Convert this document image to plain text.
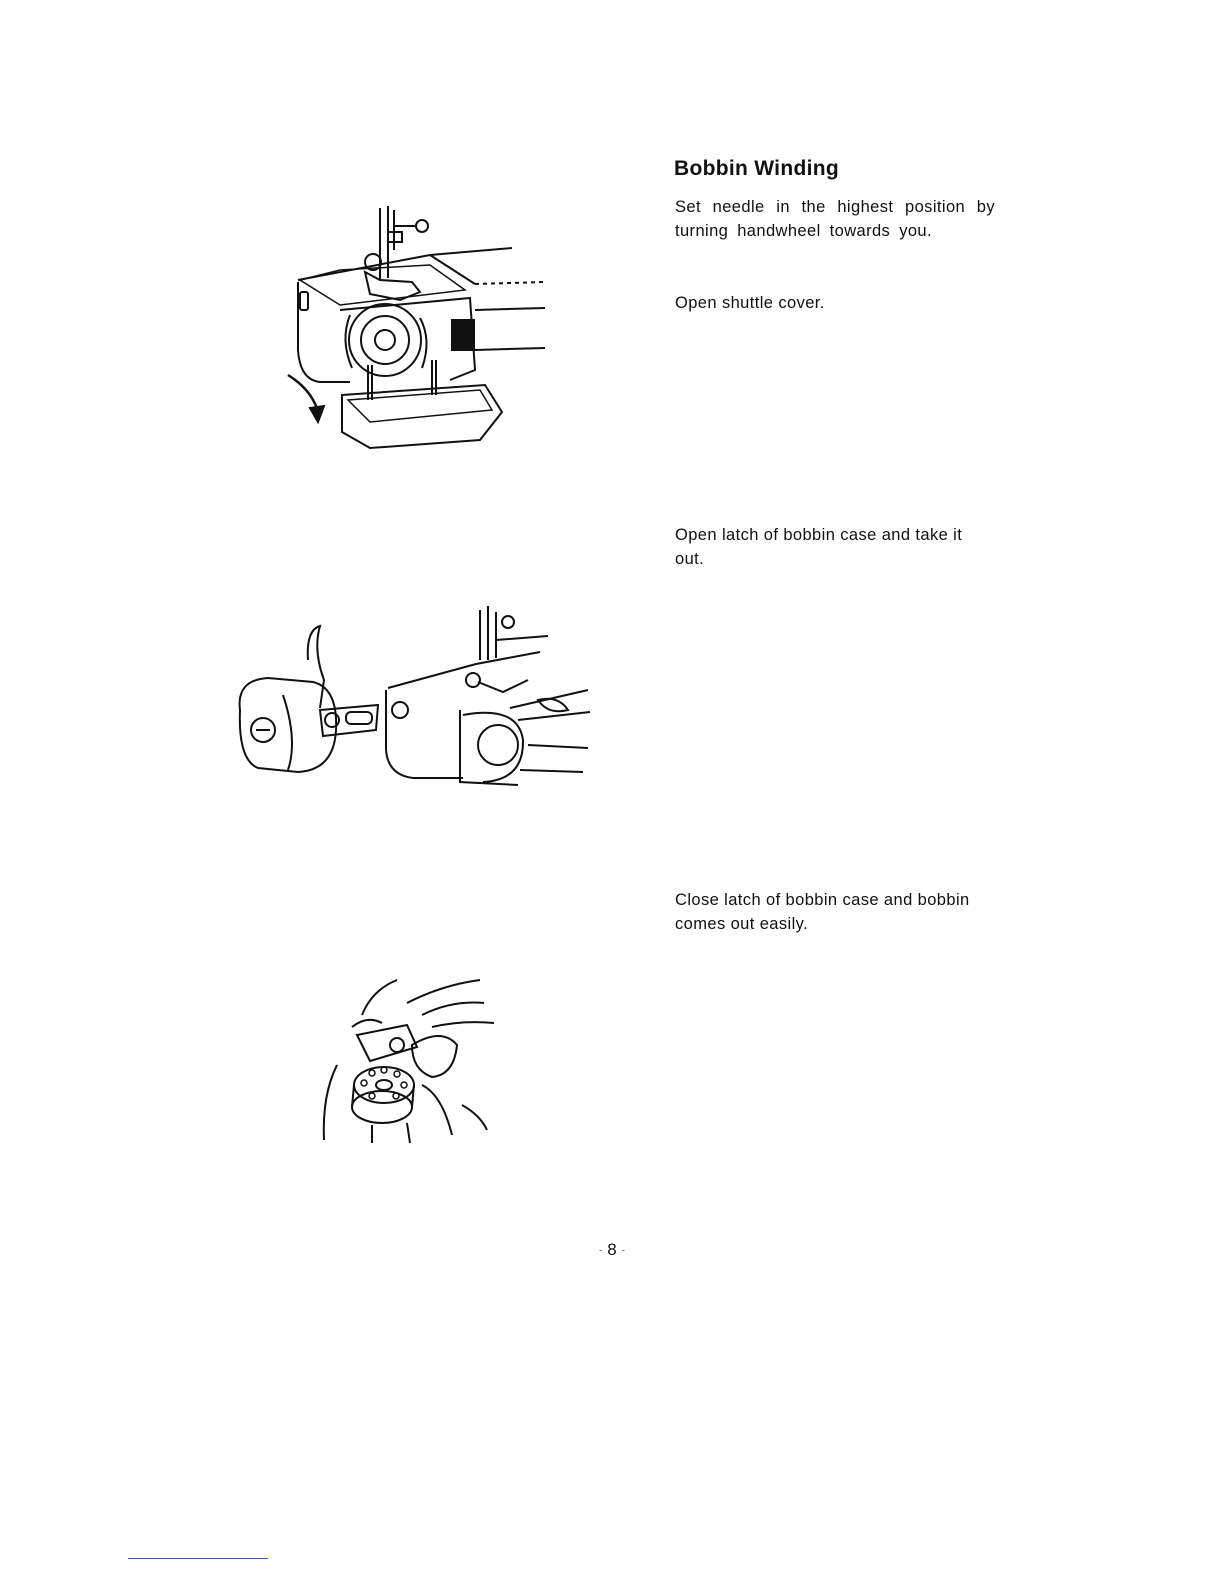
Bobbin Winding

Set needle in the highest position by turning handwheel towards you.

Open shuttle cover.

Open latch of bobbin case and take it out.

Close latch of bobbin case and bobbin comes out easily.

- 8 -
